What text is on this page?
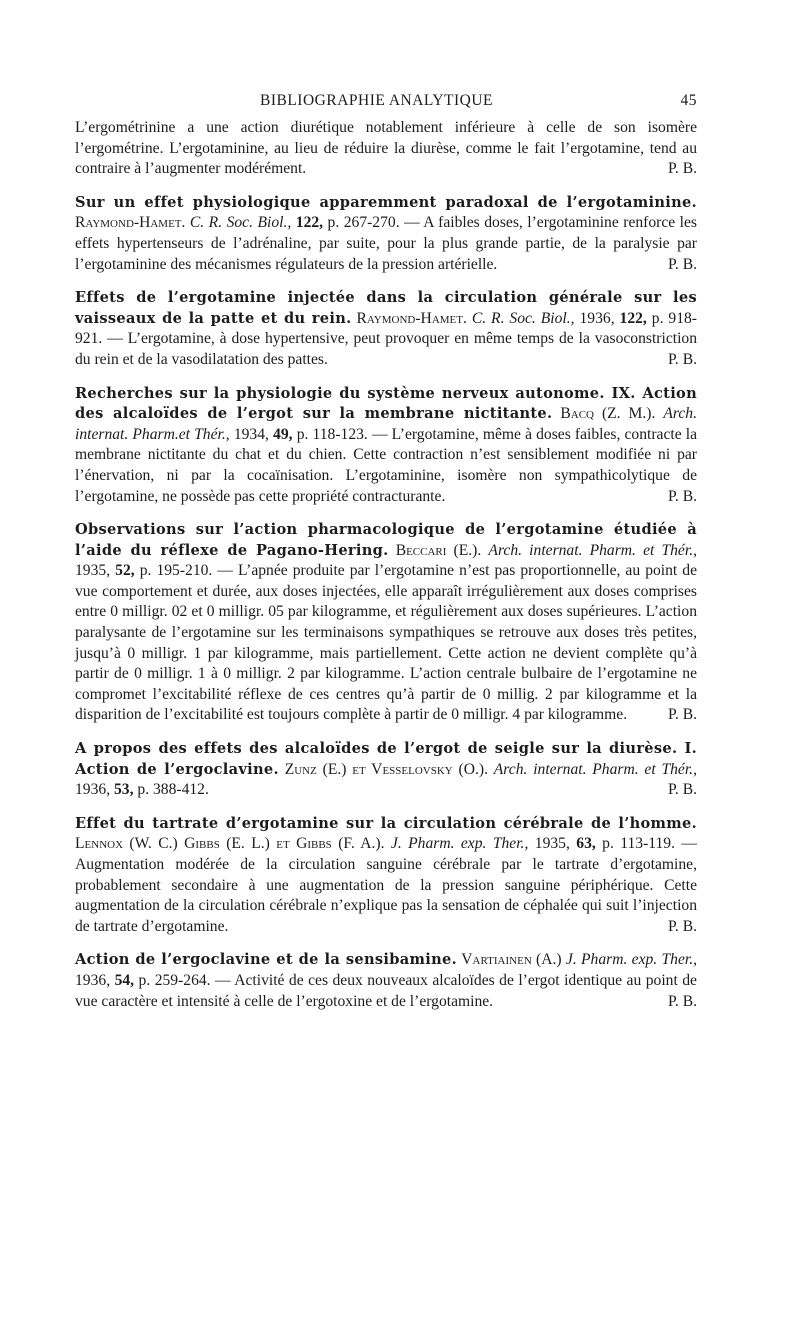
BIBLIOGRAPHIE ANALYTIQUE	45

L’ergométrinine a une action diurétique notablement inférieure à celle de son isomère l’ergométrine. L’ergotaminine, au lieu de réduire la diurèse, comme le fait l’ergotamine, tend au contraire à l’augmenter modérément.	P. B.

Sur un effet physiologique apparemment paradoxal de l’ergotaminine. Raymond-Hamet. C. R. Soc. Biol., 122, p. 267-270. — A faibles doses, l’ergotaminine renforce les effets hypertenseurs de l’adrénaline, par suite, pour la plus grande partie, de la paralysie par l’ergotaminine des mécanismes régulateurs de la pression artérielle.	P. B.

Effets de l’ergotamine injectée dans la circulation générale sur les vaisseaux de la patte et du rein. Raymond-Hamet. C. R. Soc. Biol., 1936, 122, p. 918-921. — L’ergotamine, à dose hypertensive, peut provoquer en même temps de la vasoconstriction du rein et de la vasodilatation des pattes.	P. B.

Recherches sur la physiologie du système nerveux autonome. IX. Action des alcaloïdes de l’ergot sur la membrane nictitante. Bacq (Z. M.). Arch. internat. Pharm.et Thér., 1934, 49, p. 118-123. — L’ergotamine, même à doses faibles, contracte la membrane nictitante du chat et du chien. Cette contraction n’est sensiblement modifiée ni par l’énervation, ni par la cocaïnisation. L’ergotaminine, isomère non sympathicolytique de l’ergotamine, ne possède pas cette propriété contracturante.	P. B.

Observations sur l’action pharmacologique de l’ergotamine étudiée à l’aide du réflexe de Pagano-Hering. Beccari (E.). Arch. internat. Pharm. et Thér., 1935, 52, p. 195-210. — L’apnée produite par l’ergotamine n’est pas proportionnelle, au point de vue comportement et durée, aux doses injectées, elle apparaît irrégulièrement aux doses comprises entre 0 milligr. 02 et 0 milligr. 05 par kilogramme, et régulièrement aux doses supérieures. L’action paralysante de l’ergotamine sur les terminaisons sympathiques se retrouve aux doses très petites, jusqu’à 0 milligr. 1 par kilogramme, mais partiellement. Cette action ne devient complète qu’à partir de 0 milligr. 1 à 0 milligr. 2 par kilogramme. L’action centrale bulbaire de l’ergotamine ne compromet l’excitabilité réflexe de ces centres qu’à partir de 0 millig. 2 par kilogramme et la disparition de l’excitabilité est toujours complète à partir de 0 milligr. 4 par kilogramme.	P. B.

A propos des effets des alcaloïdes de l’ergot de seigle sur la diurèse. I. Action de l’ergoclavine. Zunz (E.) et Vesselovsky (O.). Arch. internat. Pharm. et Thér., 1936, 53, p. 388-412.	P. B.

Effet du tartrate d’ergotamine sur la circulation cérébrale de l’homme. Lennox (W. C.) Gibbs (E. L.) et Gibbs (F. A.). J. Pharm. exp. Ther., 1935, 63, p. 113-119. — Augmentation modérée de la circulation sanguine cérébrale par le tartrate d’ergotamine, probablement secondaire à une augmentation de la pression sanguine périphérique. Cette augmentation de la circulation cérébrale n’explique pas la sensation de céphalée qui suit l’injection de tartrate d’ergotamine.	P. B.

Action de l’ergoclavine et de la sensibamine. Vartiainen (A.) J. Pharm. exp. Ther., 1936, 54, p. 259-264. — Activité de ces deux nouveaux alcaloïdes de l’ergot identique au point de vue caractère et intensité à celle de l’ergotoxine et de l’ergotamine.	P. B.
